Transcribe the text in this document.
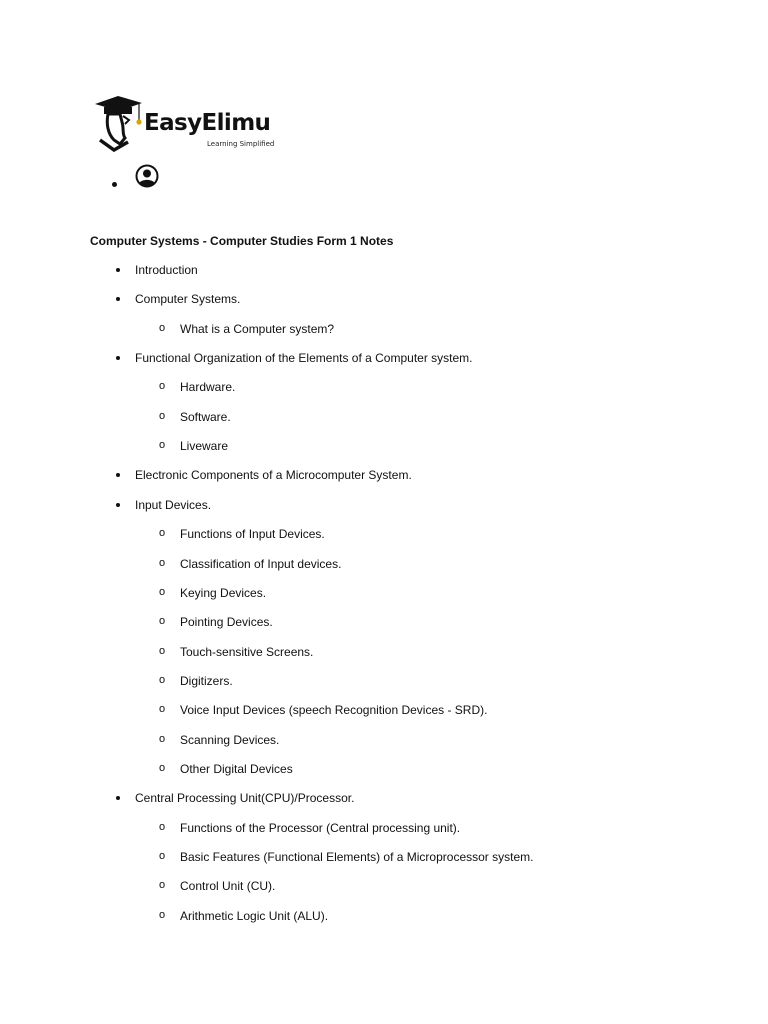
EasyElimu
Learning Simplified
Computer Systems - Computer Studies Form 1 Notes
Introduction
Computer Systems.
What is a Computer system?
Functional Organization of the Elements of a Computer system.
Hardware.
Software.
Liveware
Electronic Components of a Microcomputer System.
Input Devices.
Functions of Input Devices.
Classification of Input devices.
Keying Devices.
Pointing Devices.
Touch-sensitive Screens.
Digitizers.
Voice Input Devices (speech Recognition Devices - SRD).
Scanning Devices.
Other Digital Devices
Central Processing Unit(CPU)/Processor.
Functions of the Processor (Central processing unit).
Basic Features (Functional Elements) of a Microprocessor system.
Control Unit (CU).
Arithmetic Logic Unit (ALU).
